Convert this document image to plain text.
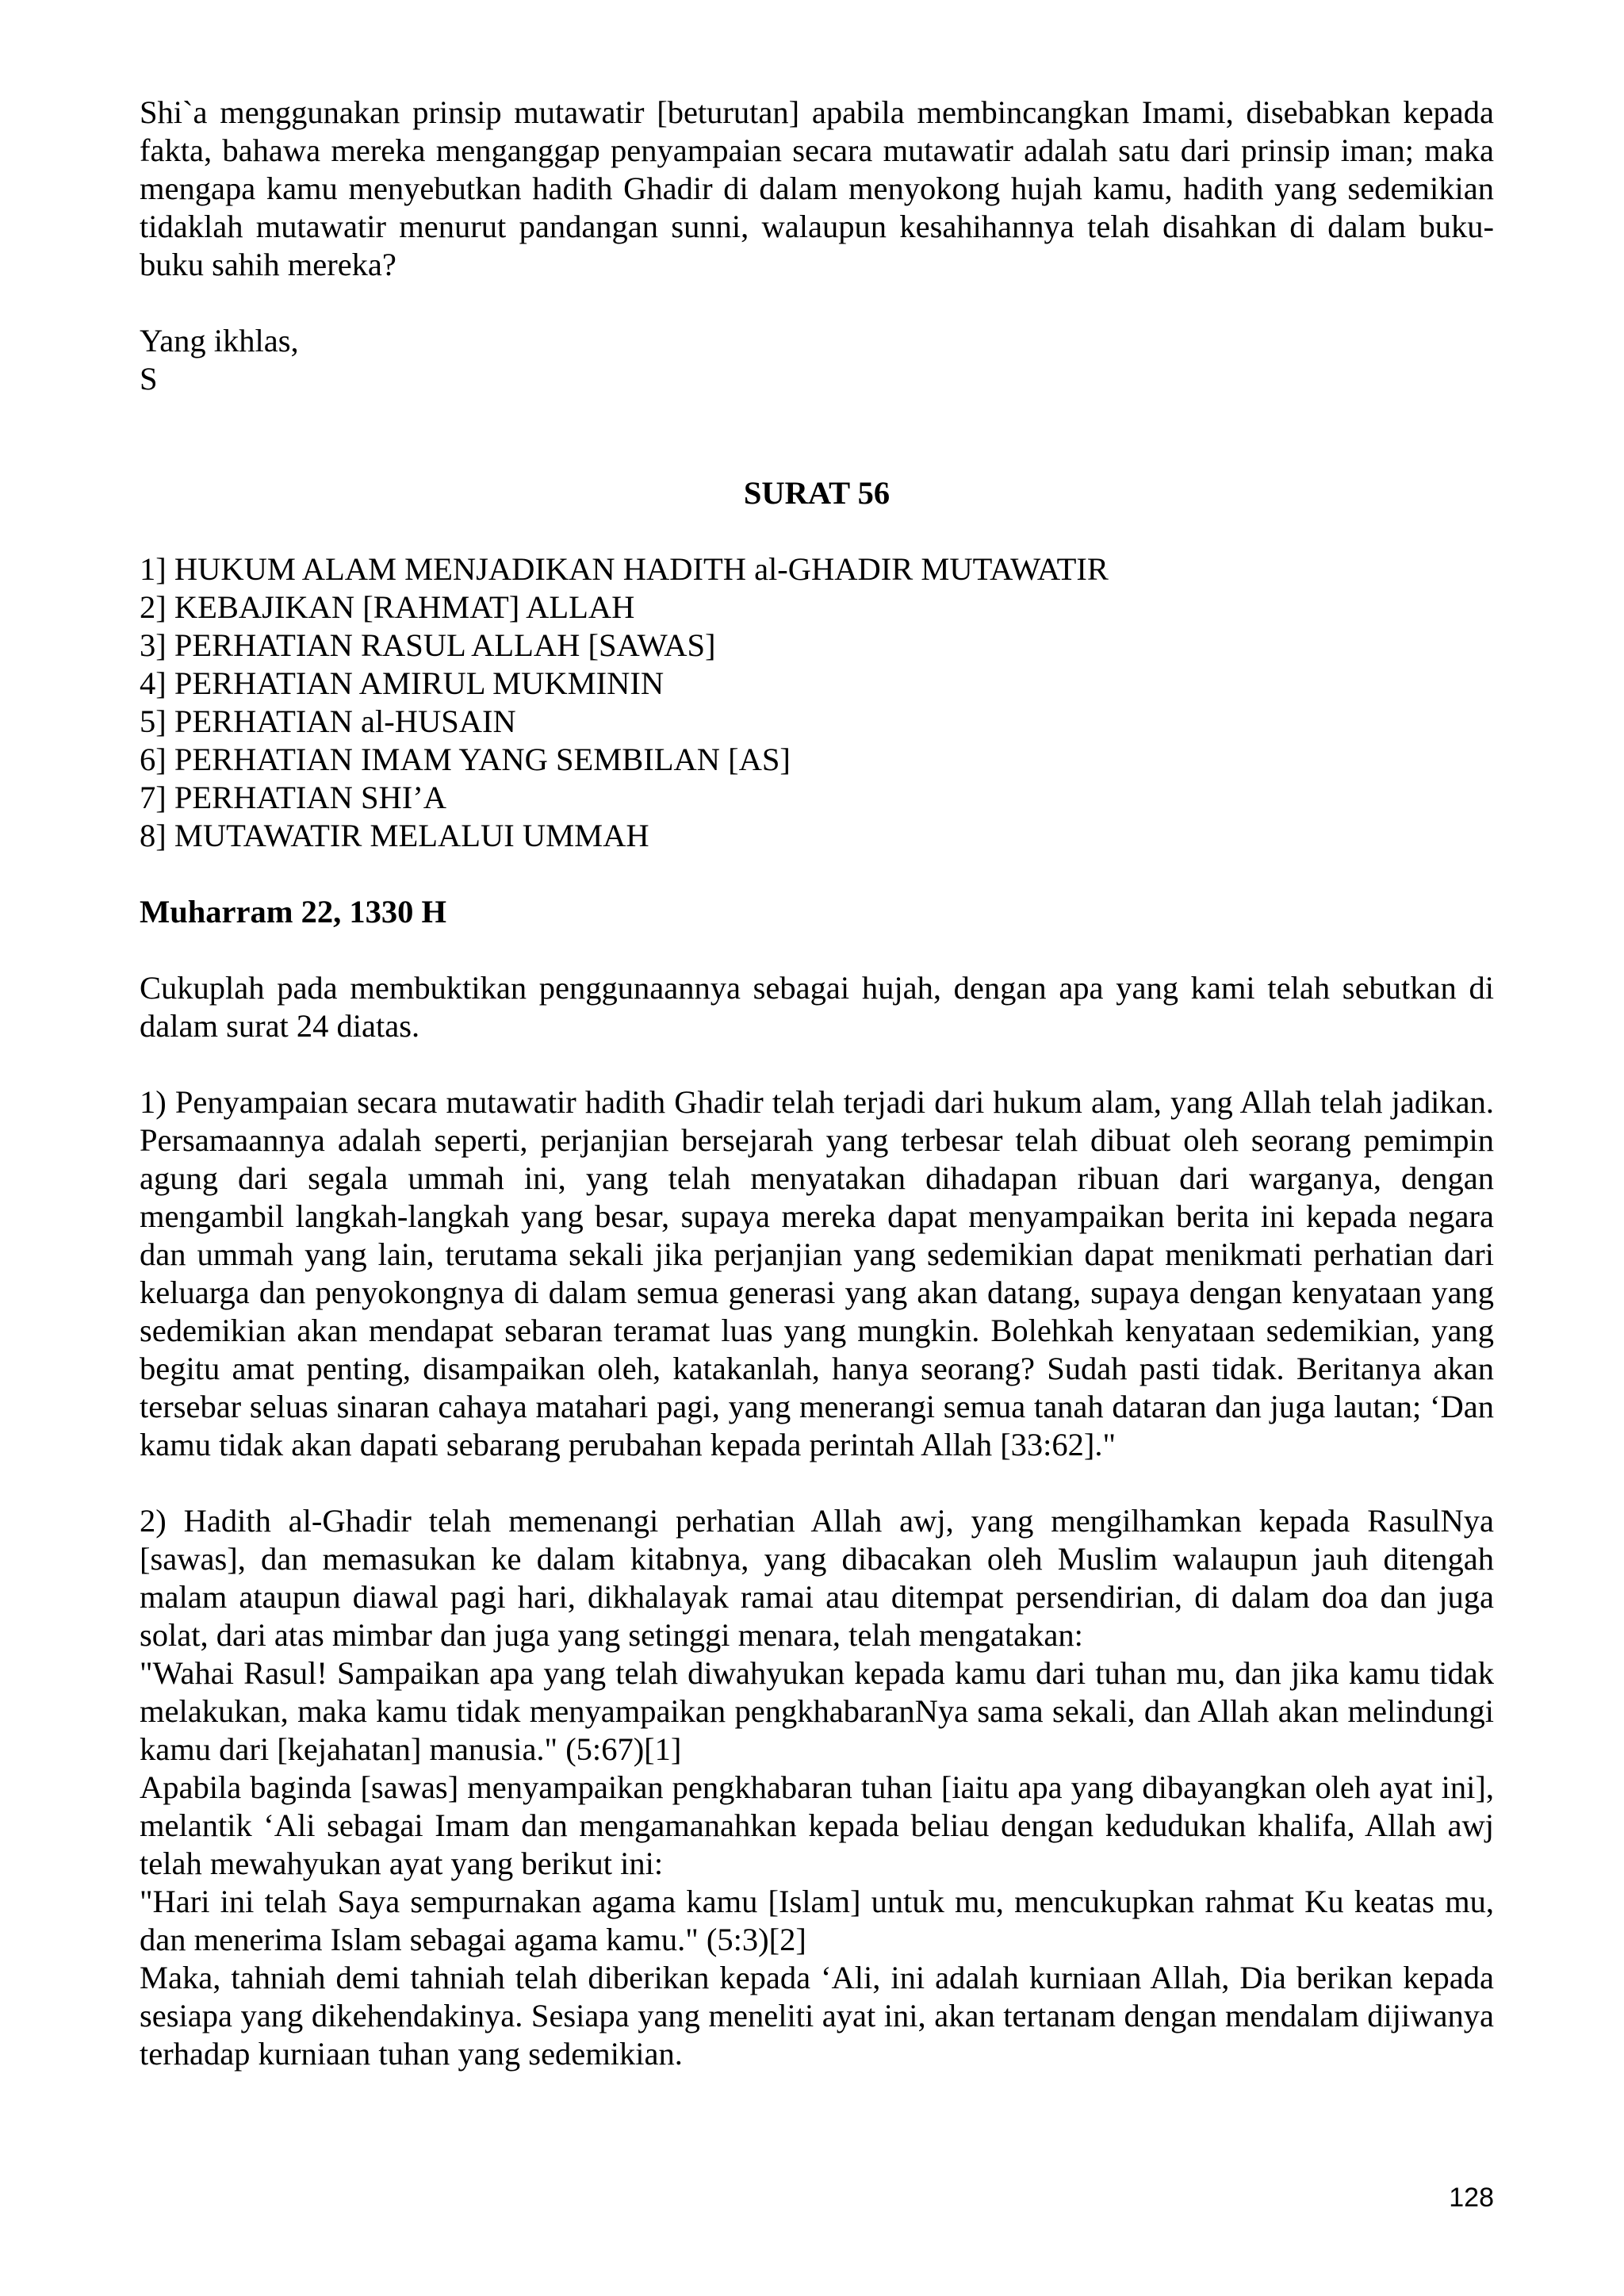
Shi`a menggunakan prinsip mutawatir [beturutan] apabila membincangkan Imami, disebabkan kepada fakta, bahawa mereka menganggap penyampaian secara mutawatir adalah satu dari prinsip iman; maka mengapa kamu menyebutkan hadith Ghadir di dalam menyokong hujah kamu, hadith yang sedemikian tidaklah mutawatir menurut pandangan sunni, walaupun kesahihannya telah disahkan di dalam buku-buku sahih mereka?

Yang ikhlas,
S
SURAT 56
1] HUKUM ALAM MENJADIKAN HADITH al-GHADIR MUTAWATIR
2] KEBAJIKAN [RAHMAT] ALLAH
3] PERHATIAN RASUL ALLAH [SAWAS]
4] PERHATIAN AMIRUL MUKMININ
5] PERHATIAN al-HUSAIN
6] PERHATIAN IMAM YANG SEMBILAN [AS]
7] PERHATIAN SHI’A
8] MUTAWATIR MELALUI UMMAH
Muharram 22, 1330 H

Cukuplah pada membuktikan penggunaannya sebagai hujah, dengan apa yang kami telah sebutkan di dalam surat 24 diatas.

1) Penyampaian secara mutawatir hadith Ghadir telah terjadi dari hukum alam, yang Allah telah jadikan. Persamaannya adalah seperti, perjanjian bersejarah yang terbesar telah dibuat oleh seorang pemimpin agung dari segala ummah ini, yang telah menyatakan dihadapan ribuan dari warganya, dengan mengambil langkah-langkah yang besar, supaya mereka dapat menyampaikan berita ini kepada negara dan ummah yang lain, terutama sekali jika perjanjian yang sedemikian dapat menikmati perhatian dari keluarga dan penyokongnya di dalam semua generasi yang akan datang, supaya dengan kenyataan yang sedemikian akan mendapat sebaran teramat luas yang mungkin. Bolehkah kenyataan sedemikian, yang begitu amat penting, disampaikan oleh, katakanlah, hanya seorang? Sudah pasti tidak. Beritanya akan tersebar seluas sinaran cahaya matahari pagi, yang menerangi semua tanah dataran dan juga lautan; ‘Dan kamu tidak akan dapati sebarang perubahan kepada perintah Allah [33:62]."

2) Hadith al-Ghadir telah memenangi perhatian Allah awj, yang mengilhamkan kepada RasulNya [sawas], dan memasukan ke dalam kitabnya, yang dibacakan oleh Muslim walaupun jauh ditengah malam ataupun diawal pagi hari, dikhalayak ramai atau ditempat persendirian, di dalam doa dan juga solat, dari atas mimbar dan juga yang setinggi menara, telah mengatakan:

"Wahai Rasul! Sampaikan apa yang telah diwahyukan kepada kamu dari tuhan mu, dan jika kamu tidak melakukan, maka kamu tidak menyampaikan pengkhabaranNya sama sekali, dan Allah akan melindungi kamu dari [kejahatan] manusia." (5:67)[1]

Apabila baginda [sawas] menyampaikan pengkhabaran tuhan [iaitu apa yang dibayangkan oleh ayat ini], melantik ‘Ali sebagai Imam dan mengamanahkan kepada beliau dengan kedudukan khalifa, Allah awj telah mewahyukan ayat yang berikut ini:

"Hari ini telah Saya sempurnakan agama kamu [Islam] untuk mu, mencukupkan rahmat Ku keatas mu, dan menerima Islam sebagai agama kamu." (5:3)[2]

Maka, tahniah demi tahniah telah diberikan kepada ‘Ali, ini adalah kurniaan Allah, Dia berikan kepada sesiapa yang dikehendakinya. Sesiapa yang meneliti ayat ini, akan tertanam dengan mendalam dijiwanya terhadap kurniaan tuhan yang sedemikian.

128
